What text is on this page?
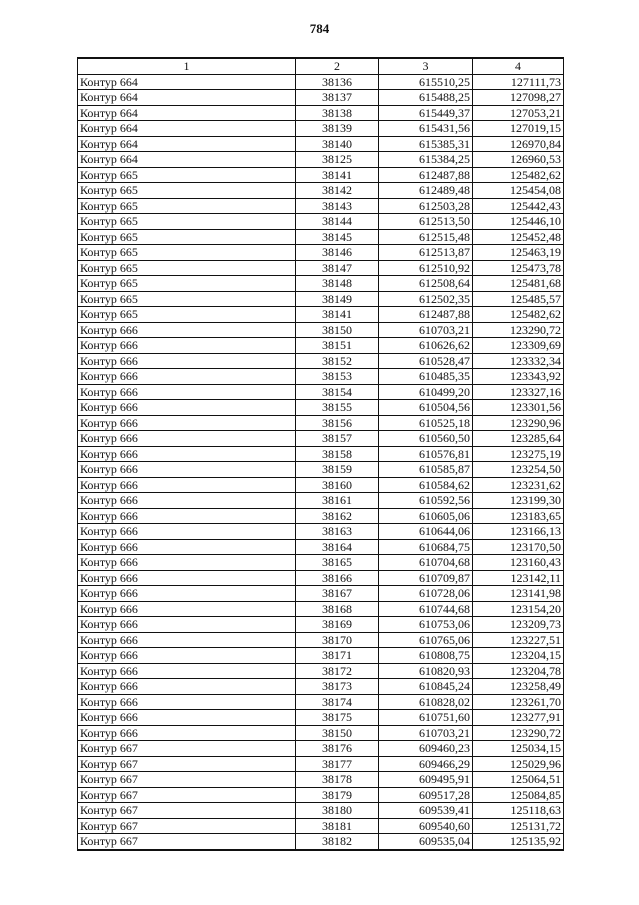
784
1	2	3	4
Контур 664	38136	615510,25	127111,73
Контур 664	38137	615488,25	127098,27
Контур 664	38138	615449,37	127053,21
Контур 664	38139	615431,56	127019,15
Контур 664	38140	615385,31	126970,84
Контур 664	38125	615384,25	126960,53
Контур 665	38141	612487,88	125482,62
Контур 665	38142	612489,48	125454,08
Контур 665	38143	612503,28	125442,43
Контур 665	38144	612513,50	125446,10
Контур 665	38145	612515,48	125452,48
Контур 665	38146	612513,87	125463,19
Контур 665	38147	612510,92	125473,78
Контур 665	38148	612508,64	125481,68
Контур 665	38149	612502,35	125485,57
Контур 665	38141	612487,88	125482,62
Контур 666	38150	610703,21	123290,72
Контур 666	38151	610626,62	123309,69
Контур 666	38152	610528,47	123332,34
Контур 666	38153	610485,35	123343,92
Контур 666	38154	610499,20	123327,16
Контур 666	38155	610504,56	123301,56
Контур 666	38156	610525,18	123290,96
Контур 666	38157	610560,50	123285,64
Контур 666	38158	610576,81	123275,19
Контур 666	38159	610585,87	123254,50
Контур 666	38160	610584,62	123231,62
Контур 666	38161	610592,56	123199,30
Контур 666	38162	610605,06	123183,65
Контур 666	38163	610644,06	123166,13
Контур 666	38164	610684,75	123170,50
Контур 666	38165	610704,68	123160,43
Контур 666	38166	610709,87	123142,11
Контур 666	38167	610728,06	123141,98
Контур 666	38168	610744,68	123154,20
Контур 666	38169	610753,06	123209,73
Контур 666	38170	610765,06	123227,51
Контур 666	38171	610808,75	123204,15
Контур 666	38172	610820,93	123204,78
Контур 666	38173	610845,24	123258,49
Контур 666	38174	610828,02	123261,70
Контур 666	38175	610751,60	123277,91
Контур 666	38150	610703,21	123290,72
Контур 667	38176	609460,23	125034,15
Контур 667	38177	609466,29	125029,96
Контур 667	38178	609495,91	125064,51
Контур 667	38179	609517,28	125084,85
Контур 667	38180	609539,41	125118,63
Контур 667	38181	609540,60	125131,72
Контур 667	38182	609535,04	125135,92
